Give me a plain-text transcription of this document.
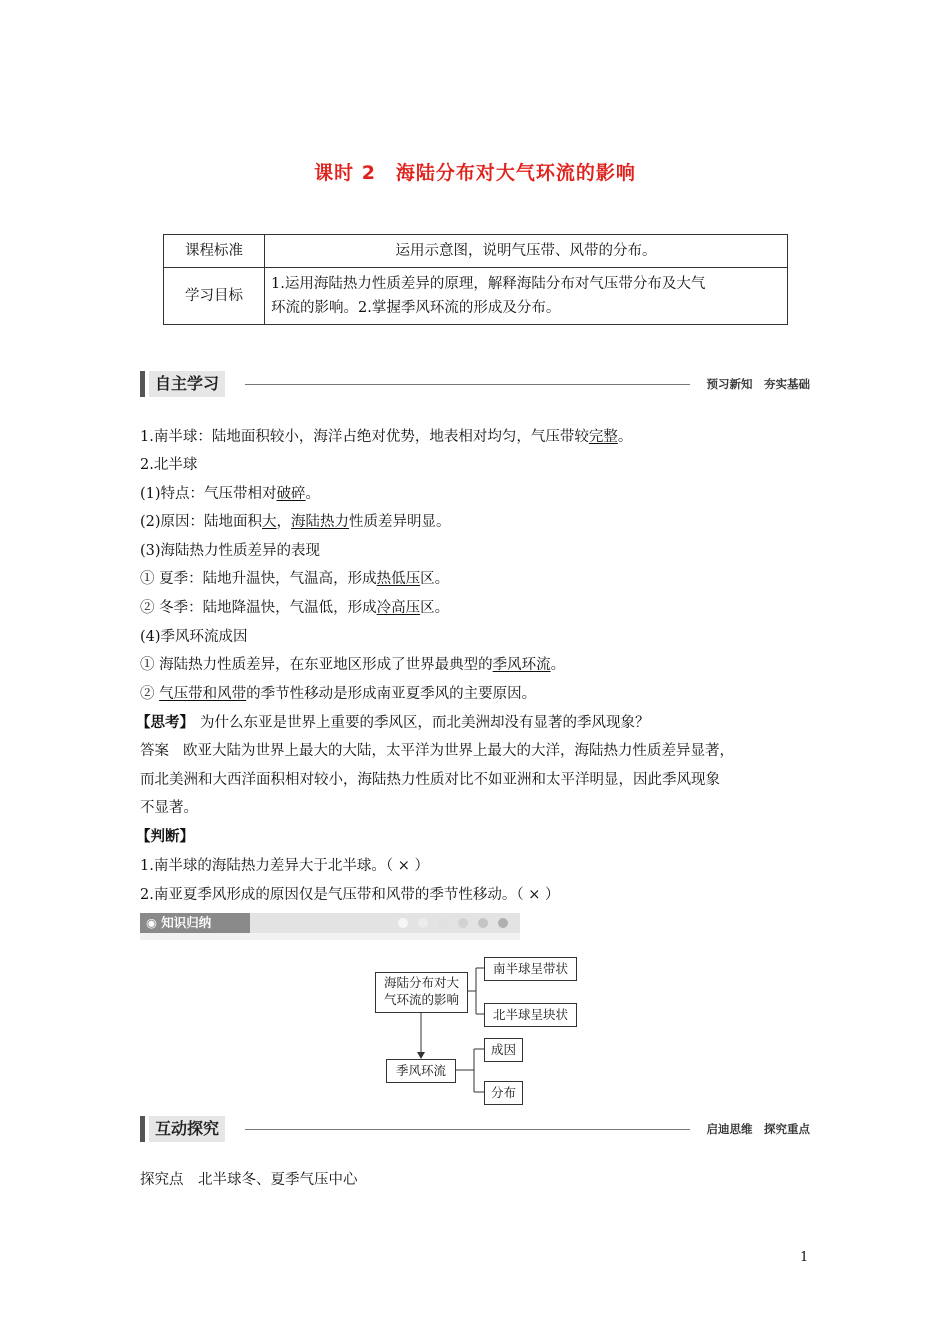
课时 2　海陆分布对大气环流的影响
课程标准	运用示意图，说明气压带、风带的分布。
学习目标	1.运用海陆热力性质差异的原理，解释海陆分布对气压带分布及大气
环流的影响。2.掌握季风环流的形成及分布。
自主学习	预习新知　夯实基础
1.南半球：陆地面积较小，海洋占绝对优势，地表相对均匀，气压带较完整。
2.北半球
(1)特点：气压带相对破碎。
(2)原因：陆地面积大，海陆热力性质差异明显。
(3)海陆热力性质差异的表现
① 夏季：陆地升温快，气温高，形成热低压区。
② 冬季：陆地降温快，气温低，形成冷高压区。
(4)季风环流成因
① 海陆热力性质差异，在东亚地区形成了世界最典型的季风环流。
② 气压带和风带的季节性移动是形成南亚夏季风的主要原因。
【思考】 为什么东亚是世界上重要的季风区，而北美洲却没有显著的季风现象？
答案 欧亚大陆为世界上最大的大陆，太平洋为世界上最大的大洋，海陆热力性质差异显著，
而北美洲和大西洋面积相对较小，海陆热力性质对比不如亚洲和太平洋明显，因此季风现象
不显著。
【判断】
1.南半球的海陆热力差异大于北半球。（ × ）
2.南亚夏季风形成的原因仅是气压带和风带的季节性移动。（ × ）
◉ 知识归纳
海陆分布对大
气环流的影响
南半球呈带状
北半球呈块状
季风环流
成因
分布
互动探究	启迪思维　探究重点
探究点　北半球冬、夏季气压中心
1
